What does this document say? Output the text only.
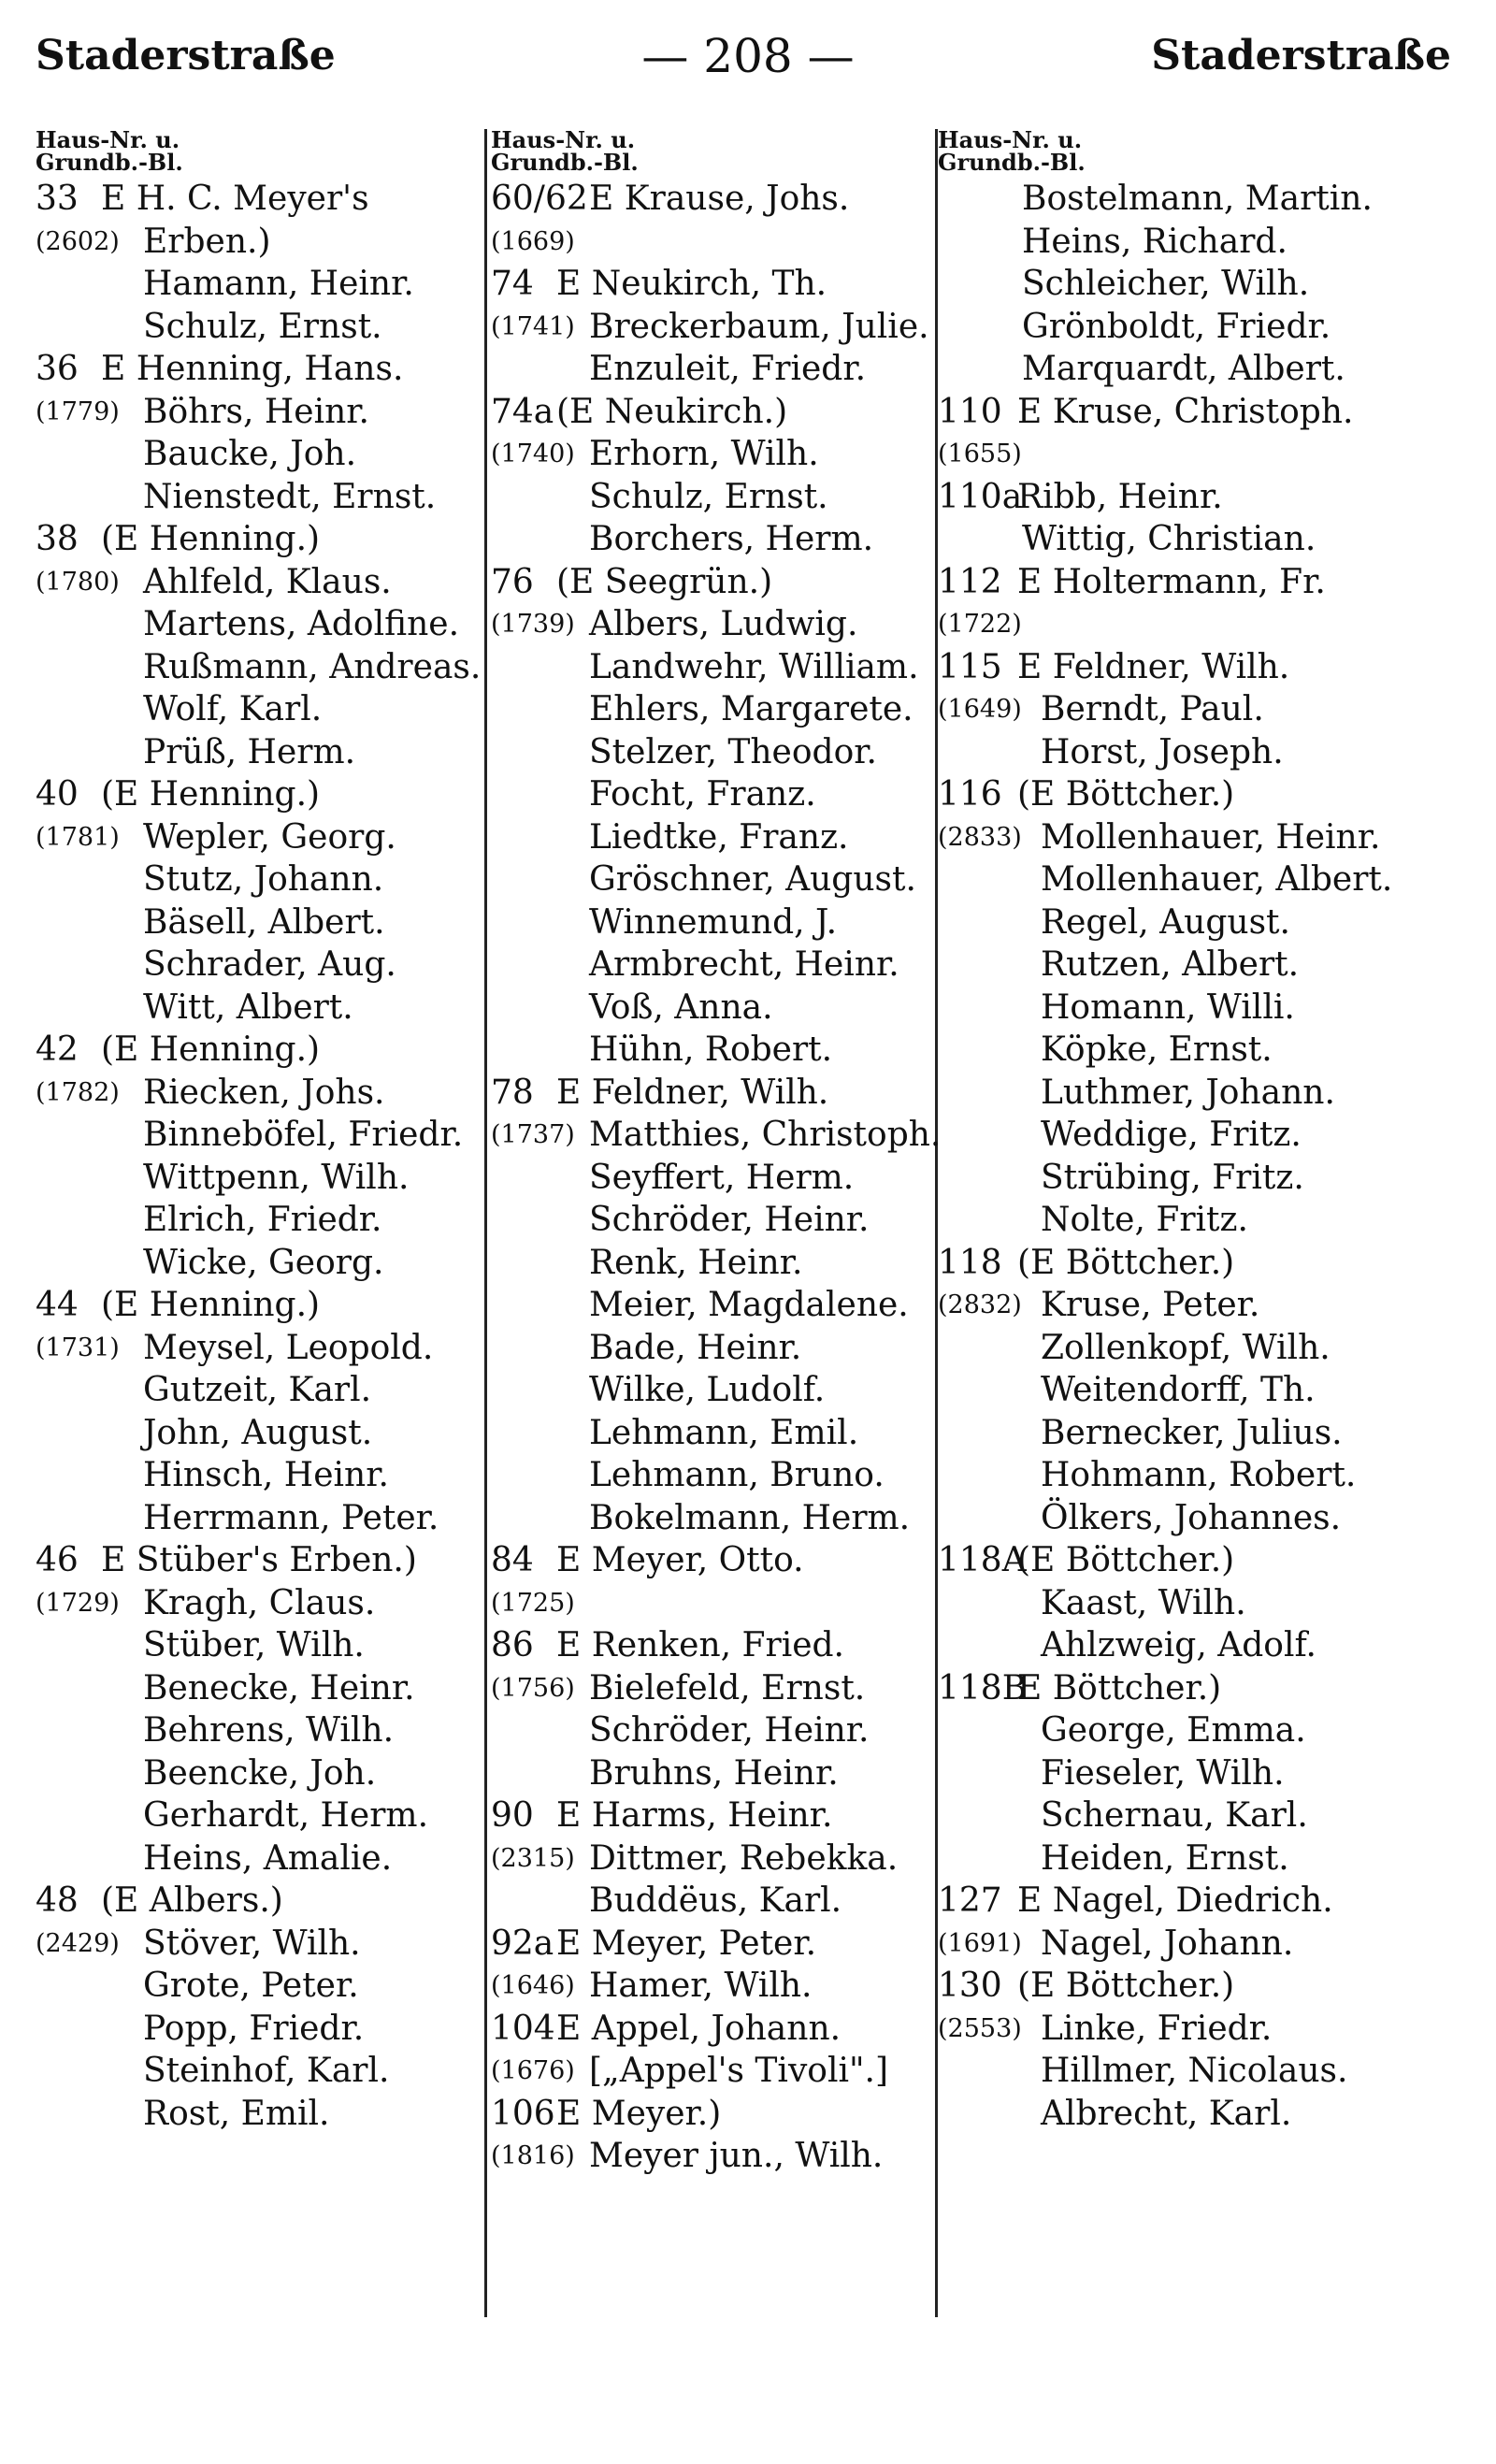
— 208 —
Staderstraße	Staderstraße
Haus-Nr. u.
Grundb.-Bl.
33 E H. C. Meyer's
(2602) Erben.)
Hamann, Heinr.
Schulz, Ernst.
36 E Henning, Hans.
(1779) Böhrs, Heinr.
Baucke, Joh.
Nienstedt, Ernst.
38 (E Henning.)
(1780) Ahlfeld, Klaus.
Martens, Adolfine.
Rußmann, Andreas.
Wolf, Karl.
Prüß, Herm.
40 (E Henning.)
(1781) Wepler, Georg.
Stutz, Johann.
Bäsell, Albert.
Schrader, Aug.
Witt, Albert.
42 (E Henning.)
(1782) Riecken, Johs.
Binneböfel, Friedr.
Wittpenn, Wilh.
Elrich, Friedr.
Wicke, Georg.
44 (E Henning.)
(1731) Meysel, Leopold.
Gutzeit, Karl.
John, August.
Hinsch, Heinr.
Herrmann, Peter.
46 E Stüber's Erben.)
(1729) Kragh, Claus.
Stüber, Wilh.
Benecke, Heinr.
Behrens, Wilh.
Beencke, Joh.
Gerhardt, Herm.
Heins, Amalie.
48 (E Albers.)
(2429) Stöver, Wilh.
Grote, Peter.
Popp, Friedr.
Steinhof, Karl.
Rost, Emil.
Haus-Nr. u.
Grundb.-Bl.
60/62 E Krause, Johs.
(1669)
74 E Neukirch, Th.
(1741) Breckerbaum, Julie.
Enzuleit, Friedr.
74a (E Neukirch.)
(1740) Erhorn, Wilh.
Schulz, Ernst.
Borchers, Herm.
76 (E Seegrün.)
(1739) Albers, Ludwig.
Landwehr, William.
Ehlers, Margarete.
Stelzer, Theodor.
Focht, Franz.
Liedtke, Franz.
Gröschner, August.
Winnemund, J.
Armbrecht, Heinr.
Voß, Anna.
Hühn, Robert.
78 E Feldner, Wilh.
(1737) Matthies, Christoph.
Seyffert, Herm.
Schröder, Heinr.
Renk, Heinr.
Meier, Magdalene.
Bade, Heinr.
Wilke, Ludolf.
Lehmann, Emil.
Lehmann, Bruno.
Bokelmann, Herm.
84 E Meyer, Otto.
(1725)
86 E Renken, Fried.
(1756) Bielefeld, Ernst.
Schröder, Heinr.
Bruhns, Heinr.
90 E Harms, Heinr.
(2315) Dittmer, Rebekka.
Buddëus, Karl.
92a E Meyer, Peter.
(1646) Hamer, Wilh.
104 E Appel, Johann.
(1676) [„Appel's Tivoli".]
106 E Meyer.)
(1816) Meyer jun., Wilh.
Haus-Nr. u.
Grundb.-Bl.
Bostelmann, Martin.
Heins, Richard.
Schleicher, Wilh.
Grönboldt, Friedr.
Marquardt, Albert.
110 E Kruse, Christoph.
(1655)
110a
Ribb, Heinr.
Wittig, Christian.
112 E Holtermann, Fr.
(1722)
115 E Feldner, Wilh.
(1649) Berndt, Paul.
Horst, Joseph.
116 (E Böttcher.)
(2833) Mollenhauer, Heinr.
Mollenhauer, Albert.
Regel, August.
Rutzen, Albert.
Homann, Willi.
Köpke, Ernst.
Luthmer, Johann.
Weddige, Fritz.
Strübing, Fritz.
Nolte, Fritz.
118 (E Böttcher.)
(2832) Kruse, Peter.
Zollenkopf, Wilh.
Weitendorff, Th.
Bernecker, Julius.
Hohmann, Robert.
Ölkers, Johannes.
118A
(E Böttcher.)
Kaast, Wilh.
Ahlzweig, Adolf.
118B
E Böttcher.)
George, Emma.
Fieseler, Wilh.
Schernau, Karl.
Heiden, Ernst.
127 E Nagel, Diedrich.
(1691) Nagel, Johann.
130 (E Böttcher.)
(2553) Linke, Friedr.
Hillmer, Nicolaus.
Albrecht, Karl.
